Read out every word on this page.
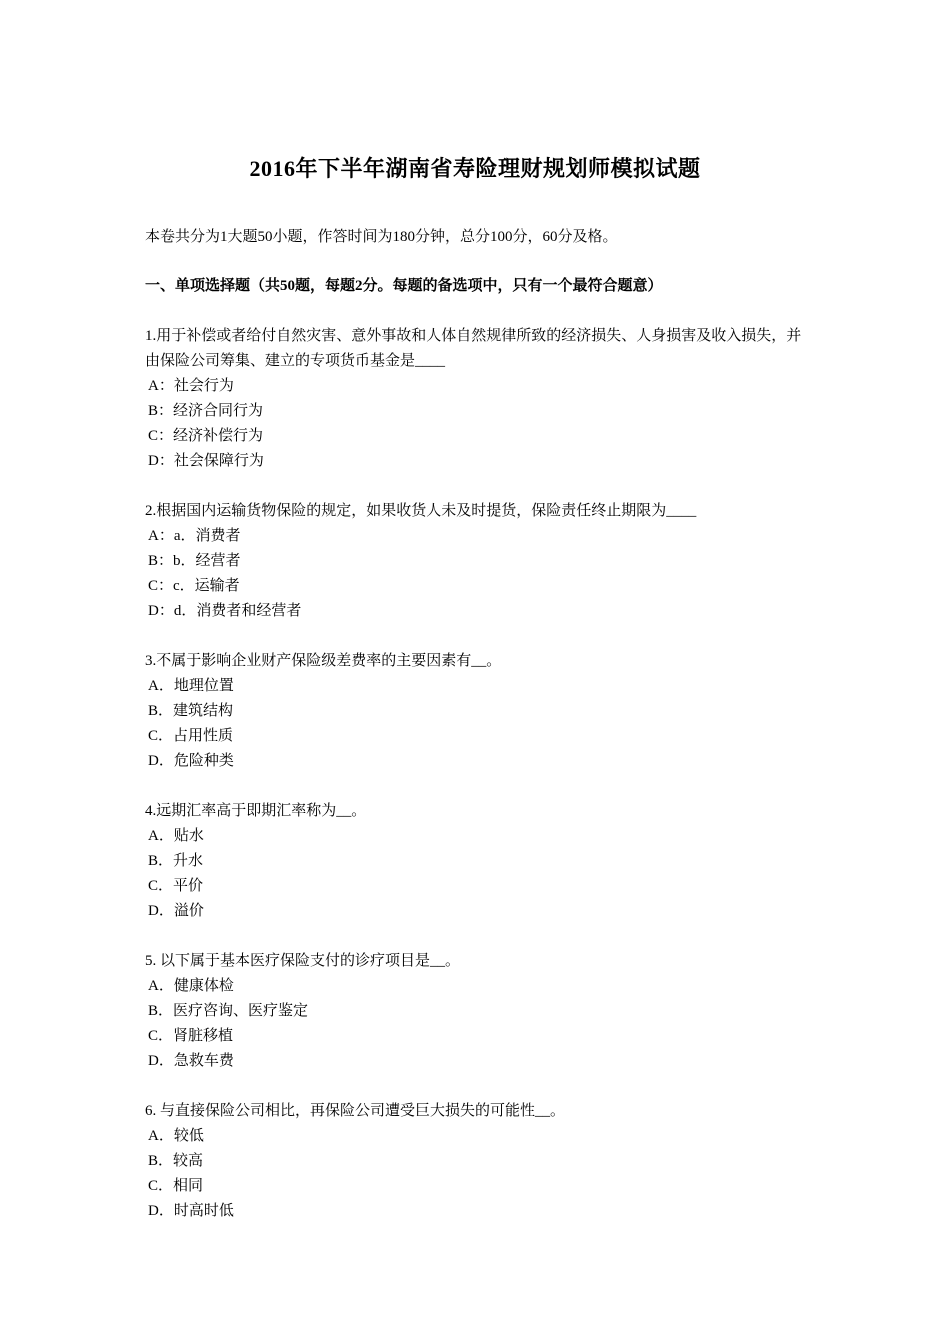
2016年下半年湖南省寿险理财规划师模拟试题
本卷共分为1大题50小题，作答时间为180分钟，总分100分，60分及格。
一、单项选择题（共50题，每题2分。每题的备选项中，只有一个最符合题意）

1.用于补偿或者给付自然灾害、意外事故和人体自然规律所致的经济损失、人身损害及收入损失，并由保险公司筹集、建立的专项货币基金是____

A：社会行为

B：经济合同行为

C：经济补偿行为

D：社会保障行为

2.根据国内运输货物保险的规定，如果收货人未及时提货，保险责任终止期限为____

A：a．消费者

B：b．经营者

C：c．运输者

D：d．消费者和经营者

3.不属于影响企业财产保险级差费率的主要因素有__。

A．地理位置

B．建筑结构

C．占用性质

D．危险种类

4.远期汇率高于即期汇率称为__。

A．贴水

B．升水

C．平价

D．溢价

5. 以下属于基本医疗保险支付的诊疗项目是__。

A．健康体检

B．医疗咨询、医疗鉴定

C．肾脏移植

D．急救车费

6. 与直接保险公司相比，再保险公司遭受巨大损失的可能性__。

A．较低

B．较高

C．相同

D．时高时低
